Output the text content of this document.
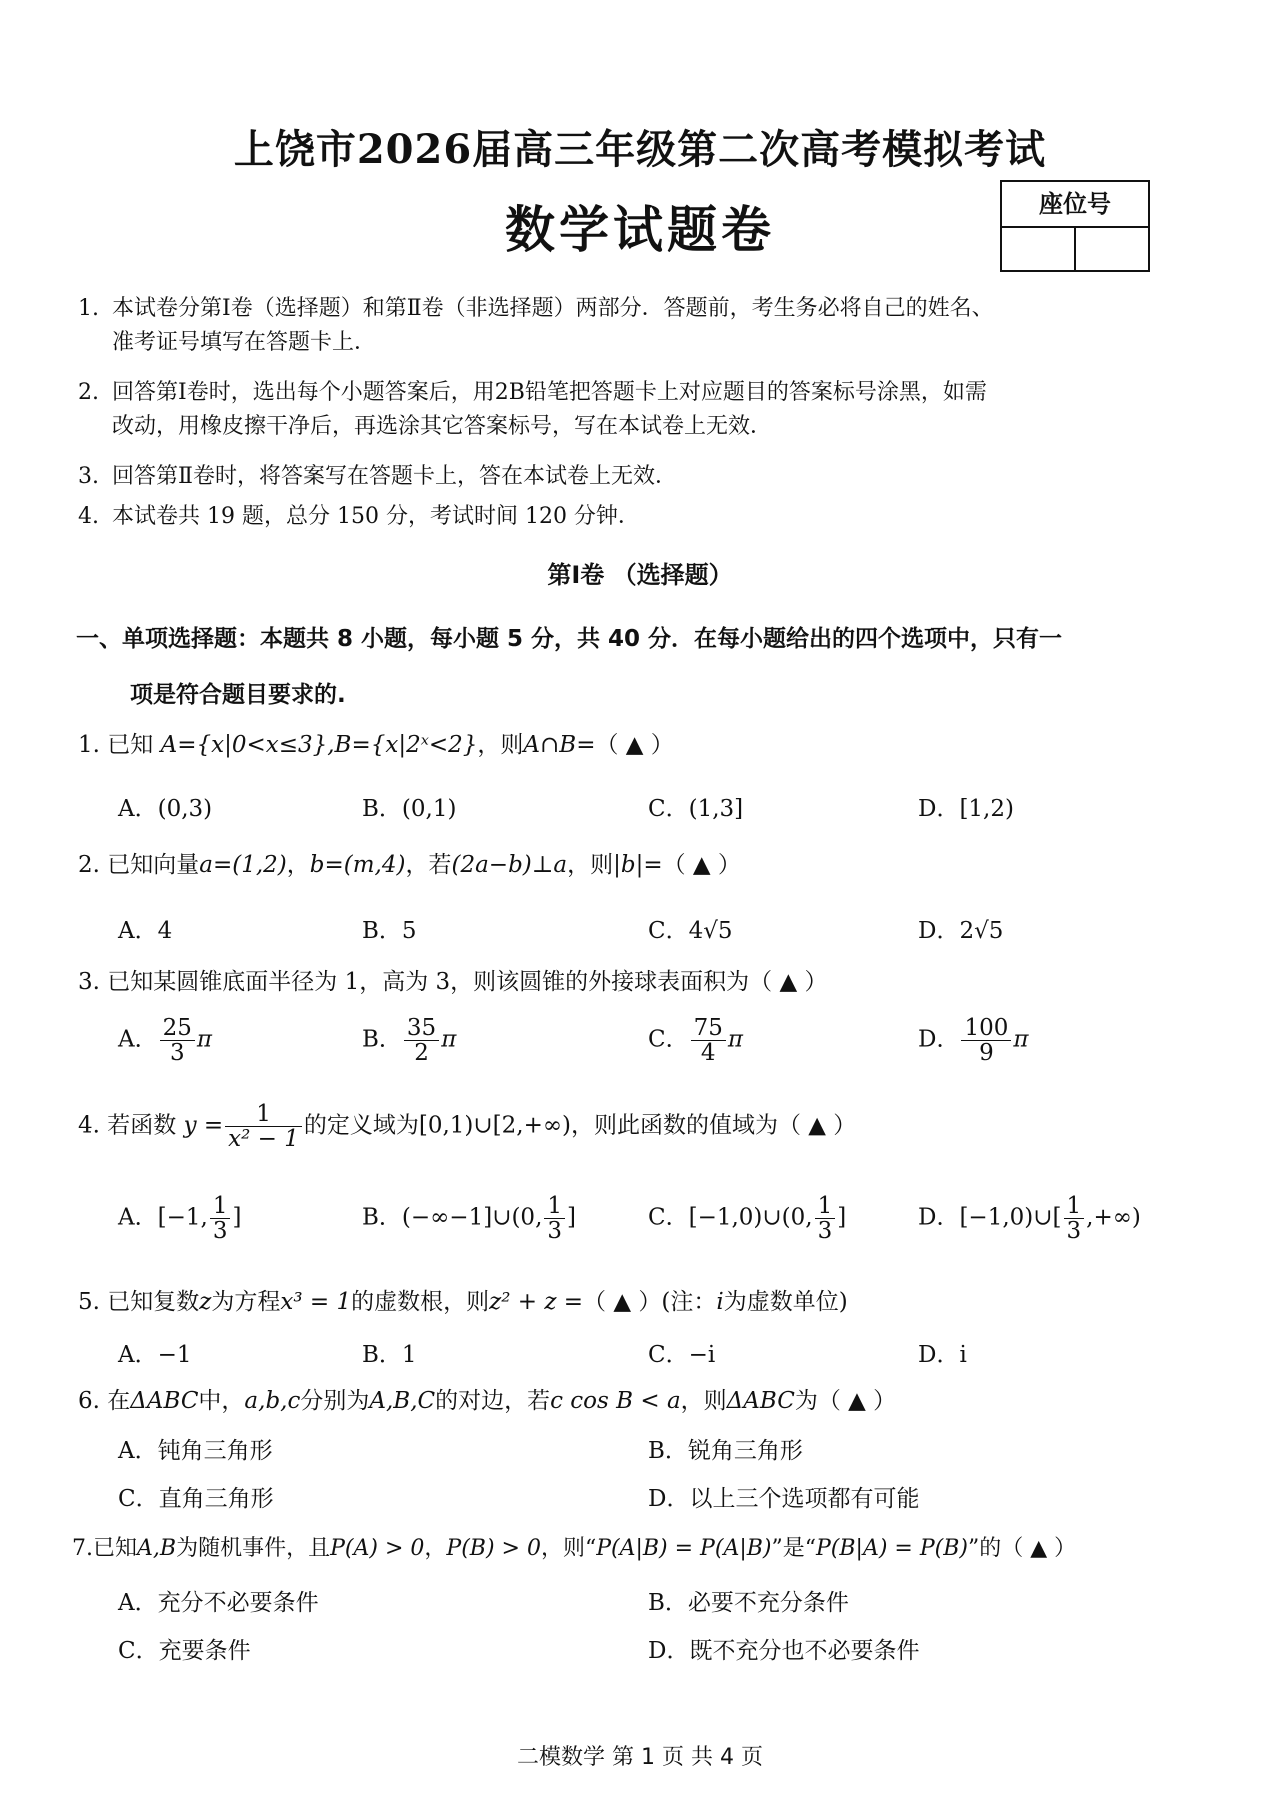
上饶市2026届高三年级第二次高考模拟考试
数学试题卷	座位号
1. 本试卷分第Ⅰ卷（选择题）和第Ⅱ卷（非选择题）两部分．答题前，考生务必将自己的姓名、
准考证号填写在答题卡上．
2. 回答第Ⅰ卷时，选出每个小题答案后，用2B铅笔把答题卡上对应题目的答案标号涂黑，如需
改动，用橡皮擦干净后，再选涂其它答案标号，写在本试卷上无效．
3. 回答第Ⅱ卷时，将答案写在答题卡上，答在本试卷上无效．
4. 本试卷共 19 题，总分 150 分，考试时间 120 分钟．
第Ⅰ卷 （选择题）
一、单项选择题：本题共 8 小题，每小题 5 分，共 40 分．在每小题给出的四个选项中，只有一
项是符合题目要求的.
1. 已知 A={x|0<x≤3},B={x|2ˣ<2}，则A∩B=（ ▲ ）
A．(0,3)	B．(0,1)	C．(1,3]	D．[1,2)
2. 已知向量a=(1,2)，b=(m,4)，若(2a−b)⊥a，则|b|=（ ▲ ）
A．4	B．5	C．4√5	D．2√5
3. 已知某圆锥底面半径为 1，高为 3，则该圆锥的外接球表面积为（ ▲ ）
A． $\frac{25}{3}$ π	B． $\frac{35}{2}$ π	C． $\frac{75}{4}$ π	D． $\frac{100}{9}$ π
4. 若函数 $y = \frac{1}{\text{x² − 1}}$ 的定义域为[0,1)∪[2,+∞)，则此函数的值域为（ ▲ ）
A．[−1, $\frac{1}{3}$ ]	B．(−∞−1]∪(0, $\frac{1}{3}$ ]	C．[−1,0)∪(0, $\frac{1}{3}$ ]	D．[−1,0)∪[ $\frac{1}{3}$ ,+∞)
5. 已知复数z为方程x³ = 1的虚数根，则z² + z =（ ▲ ）(注：i为虚数单位)
A．−1	B．1	C．−i	D．i
6. 在ΔABC中，a,b,c分别为A,B,C的对边，若c cos B < a，则ΔABC为（ ▲ ）
A．钝角三角形	B．锐角三角形
C．直角三角形	D．以上三个选项都有可能
7.已知A,B为随机事件，且P(A) > 0，P(B) > 0，则“P(A|B) = P(A|B)”是“P(B|A) = P(B)”的（ ▲ ）
A．充分不必要条件	B．必要不充分条件
C．充要条件	D．既不充分也不必要条件
二模数学 第 1 页 共 4 页
